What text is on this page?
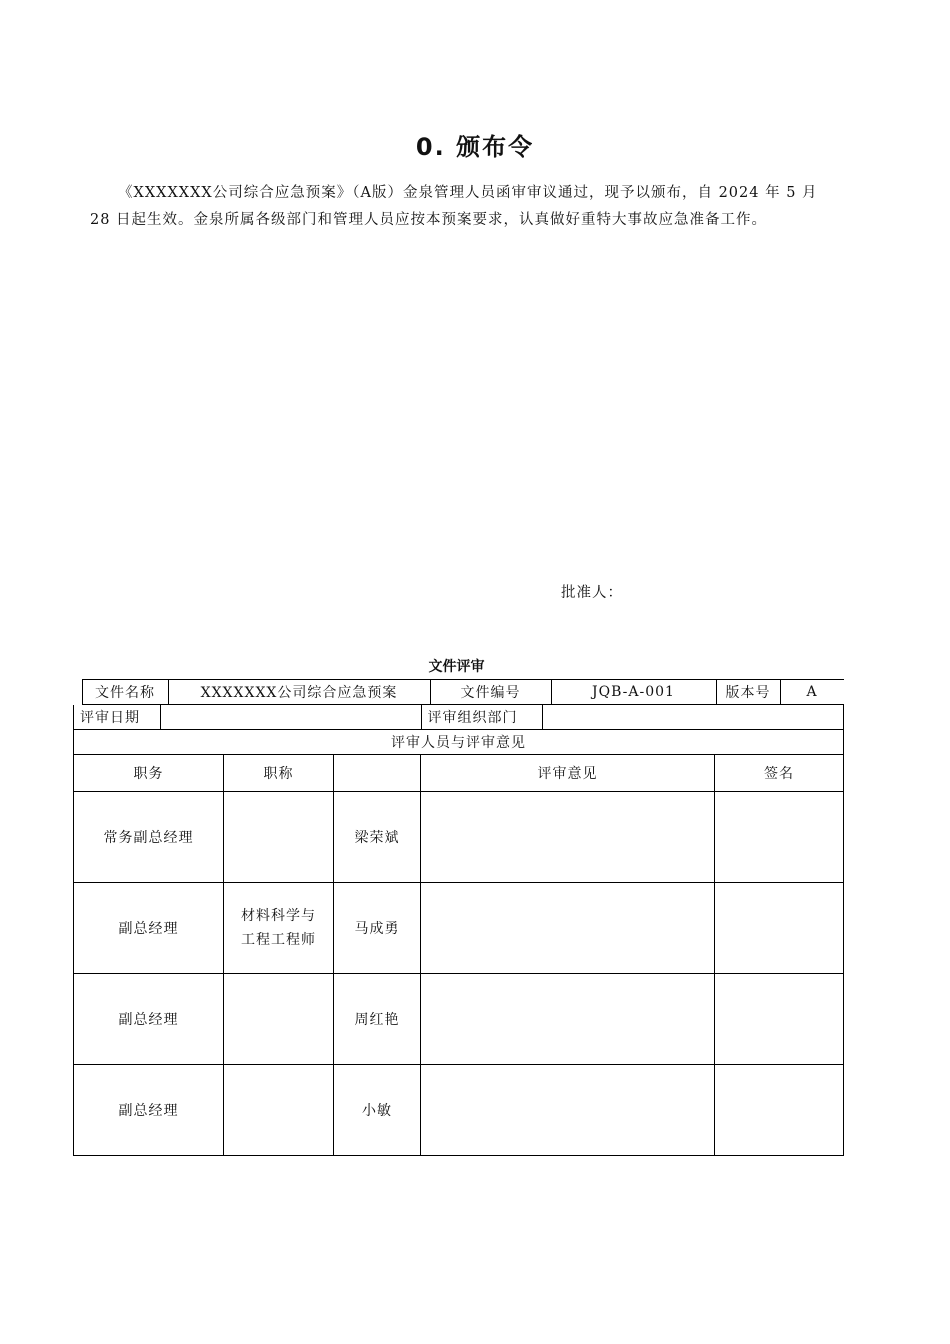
0. 颁布令

《XXXXXXX公司综合应急预案》（A版）金泉管理人员函审审议通过，现予以颁布，自 2024 年 5 月
28 日起生效。金泉所属各级部门和管理人员应按本预案要求，认真做好重特大事故应急准备工作。

批准人：
文件评审
文件名称	XXXXXXX公司综合应急预案	文件编号	JQB-A-001	版本号	A

评审日期		评审组织部门	

评审人员与评审意见
职务	职称		评审意见	签名
常务副总经理		梁荣斌		
副总经理	材料科学与工程工程师	马成勇		
副总经理		周红艳		
副总经理		小敏		
